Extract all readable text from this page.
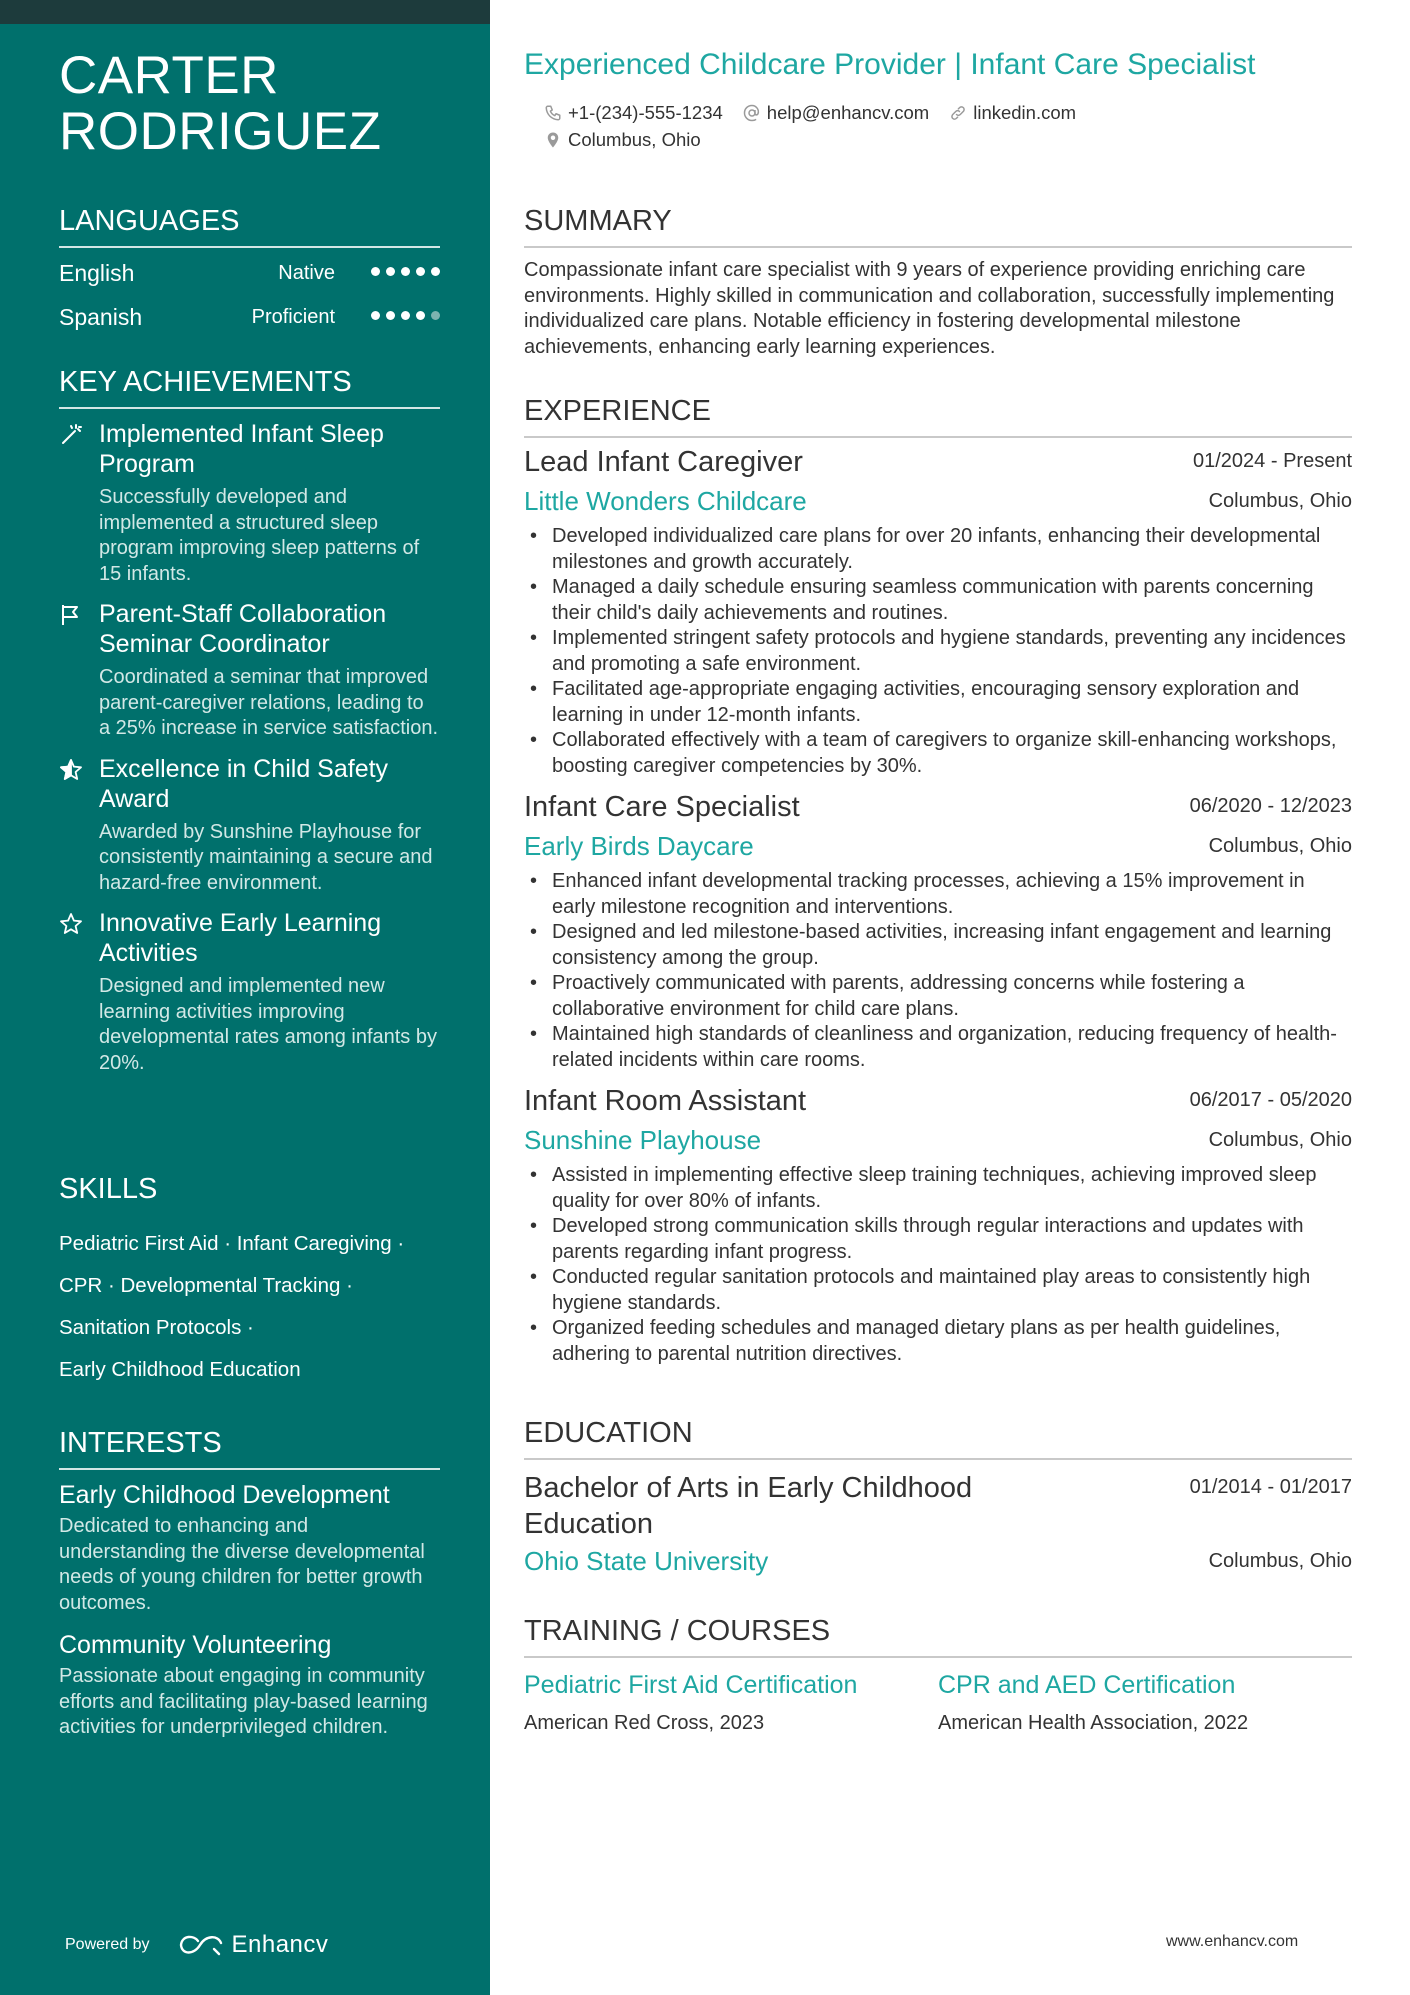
CARTER
RODRIGUEZ
LANGUAGES
English	Native
Spanish	Proficient
KEY ACHIEVEMENTS
Implemented Infant Sleep Program
Successfully developed and implemented a structured sleep program improving sleep patterns of 15 infants.
Parent-Staff Collaboration Seminar Coordinator
Coordinated a seminar that improved parent-caregiver relations, leading to a 25% increase in service satisfaction.
Excellence in Child Safety Award
Awarded by Sunshine Playhouse for consistently maintaining a secure and hazard-free environment.
Innovative Early Learning Activities
Designed and implemented new learning activities improving developmental rates among infants by 20%.
SKILLS
Pediatric First Aid · Infant Caregiving ·
CPR · Developmental Tracking ·
Sanitation Protocols ·
Early Childhood Education
INTERESTS
Early Childhood Development
Dedicated to enhancing and understanding the diverse developmental needs of young children for better growth outcomes.
Community Volunteering
Passionate about engaging in community efforts and facilitating play-based learning activities for underprivileged children.
Powered by	Enhancv
Experienced Childcare Provider | Infant Care Specialist
+1-(234)-555-1234 help@enhancv.com linkedin.com
Columbus, Ohio
SUMMARY
Compassionate infant care specialist with 9 years of experience providing enriching care environments. Highly skilled in communication and collaboration, successfully implementing individualized care plans. Notable efficiency in fostering developmental milestone achievements, enhancing early learning experiences.
EXPERIENCE
Lead Infant Caregiver	01/2024 - Present
Little Wonders Childcare	Columbus, Ohio
• Developed individualized care plans for over 20 infants, enhancing their developmental milestones and growth accurately.
• Managed a daily schedule ensuring seamless communication with parents concerning their child's daily achievements and routines.
• Implemented stringent safety protocols and hygiene standards, preventing any incidences and promoting a safe environment.
• Facilitated age-appropriate engaging activities, encouraging sensory exploration and learning in under 12-month infants.
• Collaborated effectively with a team of caregivers to organize skill-enhancing workshops, boosting caregiver competencies by 30%.
Infant Care Specialist	06/2020 - 12/2023
Early Birds Daycare	Columbus, Ohio
• Enhanced infant developmental tracking processes, achieving a 15% improvement in early milestone recognition and interventions.
• Designed and led milestone-based activities, increasing infant engagement and learning consistency among the group.
• Proactively communicated with parents, addressing concerns while fostering a collaborative environment for child care plans.
• Maintained high standards of cleanliness and organization, reducing frequency of health-related incidents within care rooms.
Infant Room Assistant	06/2017 - 05/2020
Sunshine Playhouse	Columbus, Ohio
• Assisted in implementing effective sleep training techniques, achieving improved sleep quality for over 80% of infants.
• Developed strong communication skills through regular interactions and updates with parents regarding infant progress.
• Conducted regular sanitation protocols and maintained play areas to consistently high hygiene standards.
• Organized feeding schedules and managed dietary plans as per health guidelines, adhering to parental nutrition directives.
EDUCATION
Bachelor of Arts in Early Childhood Education
01/2014 - 01/2017
Ohio State University	Columbus, Ohio
TRAINING / COURSES
Pediatric First Aid Certification
American Red Cross, 2023
CPR and AED Certification
American Health Association, 2022
www.enhancv.com
